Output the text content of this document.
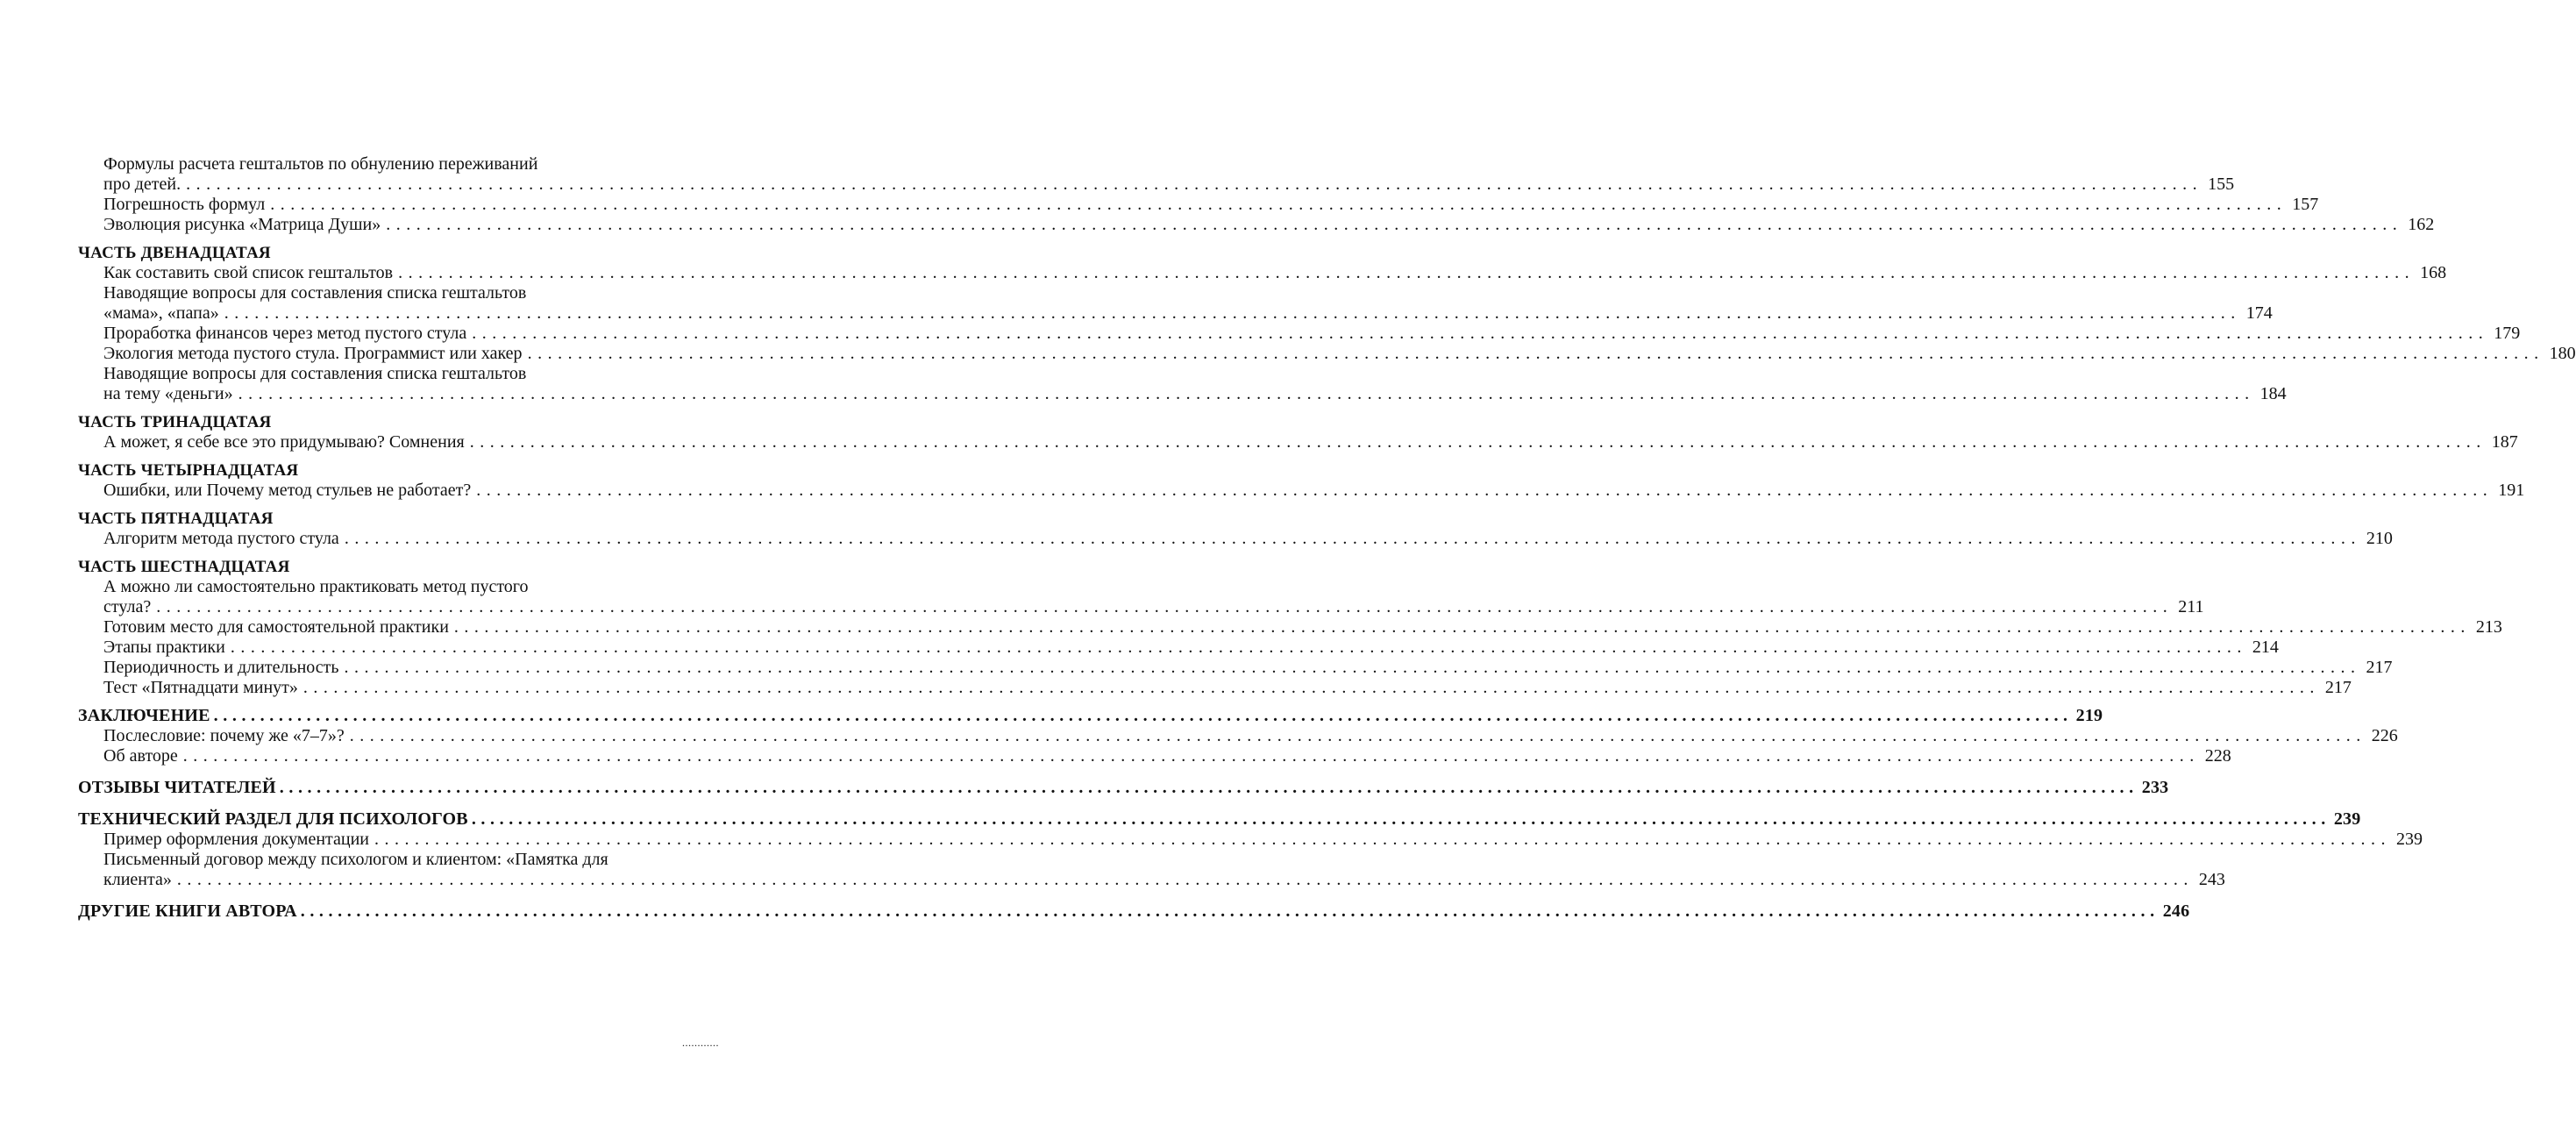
Формулы расчета гештальтов по обнулению переживаний
про детей. ........................................................................................................................................................................................................ 155
Погрешность формул ........................................................................................................................................................................................................ 157
Эволюция рисунка «Матрица Души» ........................................................................................................................................................................................................ 162
ЧАСТЬ ДВЕНАДЦАТАЯ
Как составить свой список гештальтов ........................................................................................................................................................................................................ 168
Наводящие вопросы для составления списка гештальтов
«мама», «папа» ........................................................................................................................................................................................................ 174
Проработка финансов через метод пустого стула ........................................................................................................................................................................................................ 179
Экология метода пустого стула. Программист или хакер ........................................................................................................................................................................................................ 180
Наводящие вопросы для составления списка гештальтов
на тему «деньги» ........................................................................................................................................................................................................ 184
ЧАСТЬ ТРИНАДЦАТАЯ
А может, я себе все это придумываю? Сомнения ........................................................................................................................................................................................................ 187
ЧАСТЬ ЧЕТЫРНАДЦАТАЯ
Ошибки, или Почему метод стульев не работает? ........................................................................................................................................................................................................ 191
ЧАСТЬ ПЯТНАДЦАТАЯ
Алгоритм метода пустого стула ........................................................................................................................................................................................................ 210
ЧАСТЬ ШЕСТНАДЦАТАЯ
А можно ли самостоятельно практиковать метод пустого
стула? ........................................................................................................................................................................................................ 211
Готовим место для самостоятельной практики ........................................................................................................................................................................................................ 213
Этапы практики ........................................................................................................................................................................................................ 214
Периодичность и длительность ........................................................................................................................................................................................................ 217
Тест «Пятнадцати минут» ........................................................................................................................................................................................................ 217
ЗАКЛЮЧЕНИЕ ........................................................................................................................................................................................................ 219
Послесловие: почему же «7–7»? ........................................................................................................................................................................................................ 226
Об авторе ........................................................................................................................................................................................................ 228
ОТЗЫВЫ ЧИТАТЕЛЕЙ ........................................................................................................................................................................................................ 233
ТЕХНИЧЕСКИЙ РАЗДЕЛ ДЛЯ ПСИХОЛОГОВ ........................................................................................................................................................................................................ 239
Пример оформления документации ........................................................................................................................................................................................................ 239
Письменный договор между психологом и клиентом: «Памятка для
клиента» ........................................................................................................................................................................................................ 243
ДРУГИЕ КНИГИ АВТОРА ........................................................................................................................................................................................................ 246
............
